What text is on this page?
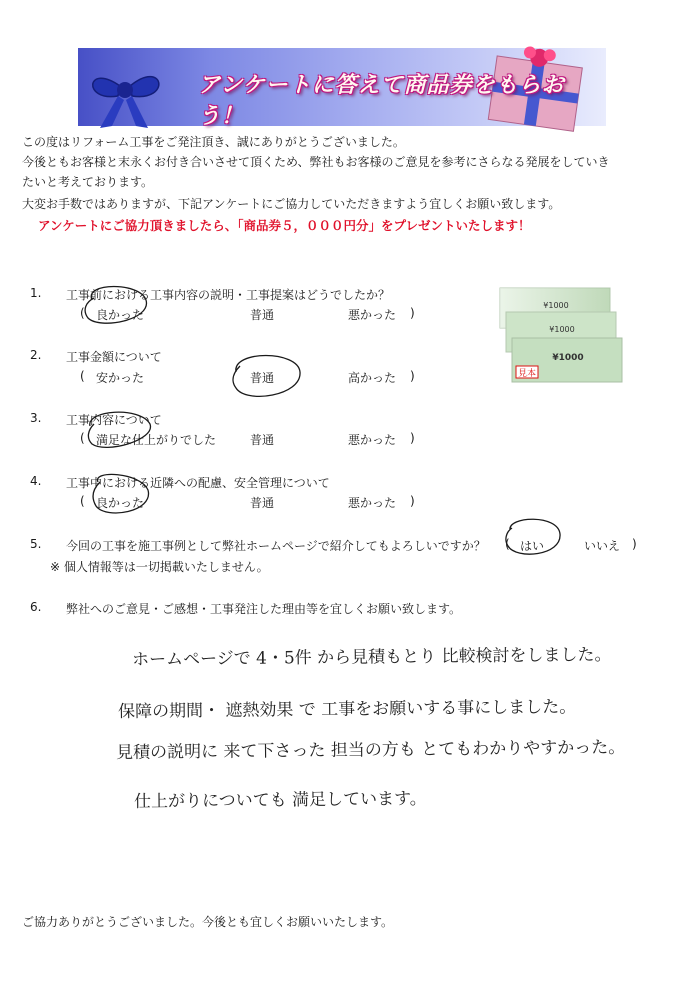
アンケートに答えて商品券をもらおう！
この度はリフォーム工事をご発注頂き、誠にありがとうございました。
今後ともお客様と末永くお付き合いさせて頂くため、弊社もお客様のご意見を参考にさらなる発展をしていき
たいと考えております。
大変お手数ではありますが、下記アンケートにご協力していただきますよう宜しくお願い致します。
アンケートにご協力頂きましたら、「商品券５，０００円分」をプレゼントいたします！
¥1000
¥1000
¥1000
見本
1. 工事前における工事内容の説明・工事提案はどうでしたか？
( 良かった	普通	悪かった )
2. 工事金額について
( 安かった	普通	高かった )
3. 工事内容について
( 満足な仕上がりでした	普通	悪かった )
4. 工事中における近隣への配慮、安全管理について
( 良かった	普通	悪かった )
5. 今回の工事を施工事例として弊社ホームページで紹介してもよろしいですか？ ( はい	いいえ )
※ 個人情報等は一切掲載いたしません。
6. 弊社へのご意見・ご感想・工事発注した理由等を宜しくお願い致します。
ホームページで 4・5件 から見積もとり 比較検討をしました。
保障の期間・ 遮熱効果 で 工事をお願いする事にしました。
見積の説明に 来て下さった 担当の方も とてもわかりやすかった。
仕上がりについても 満足しています。
ご協力ありがとうございました。今後とも宜しくお願いいたします。
